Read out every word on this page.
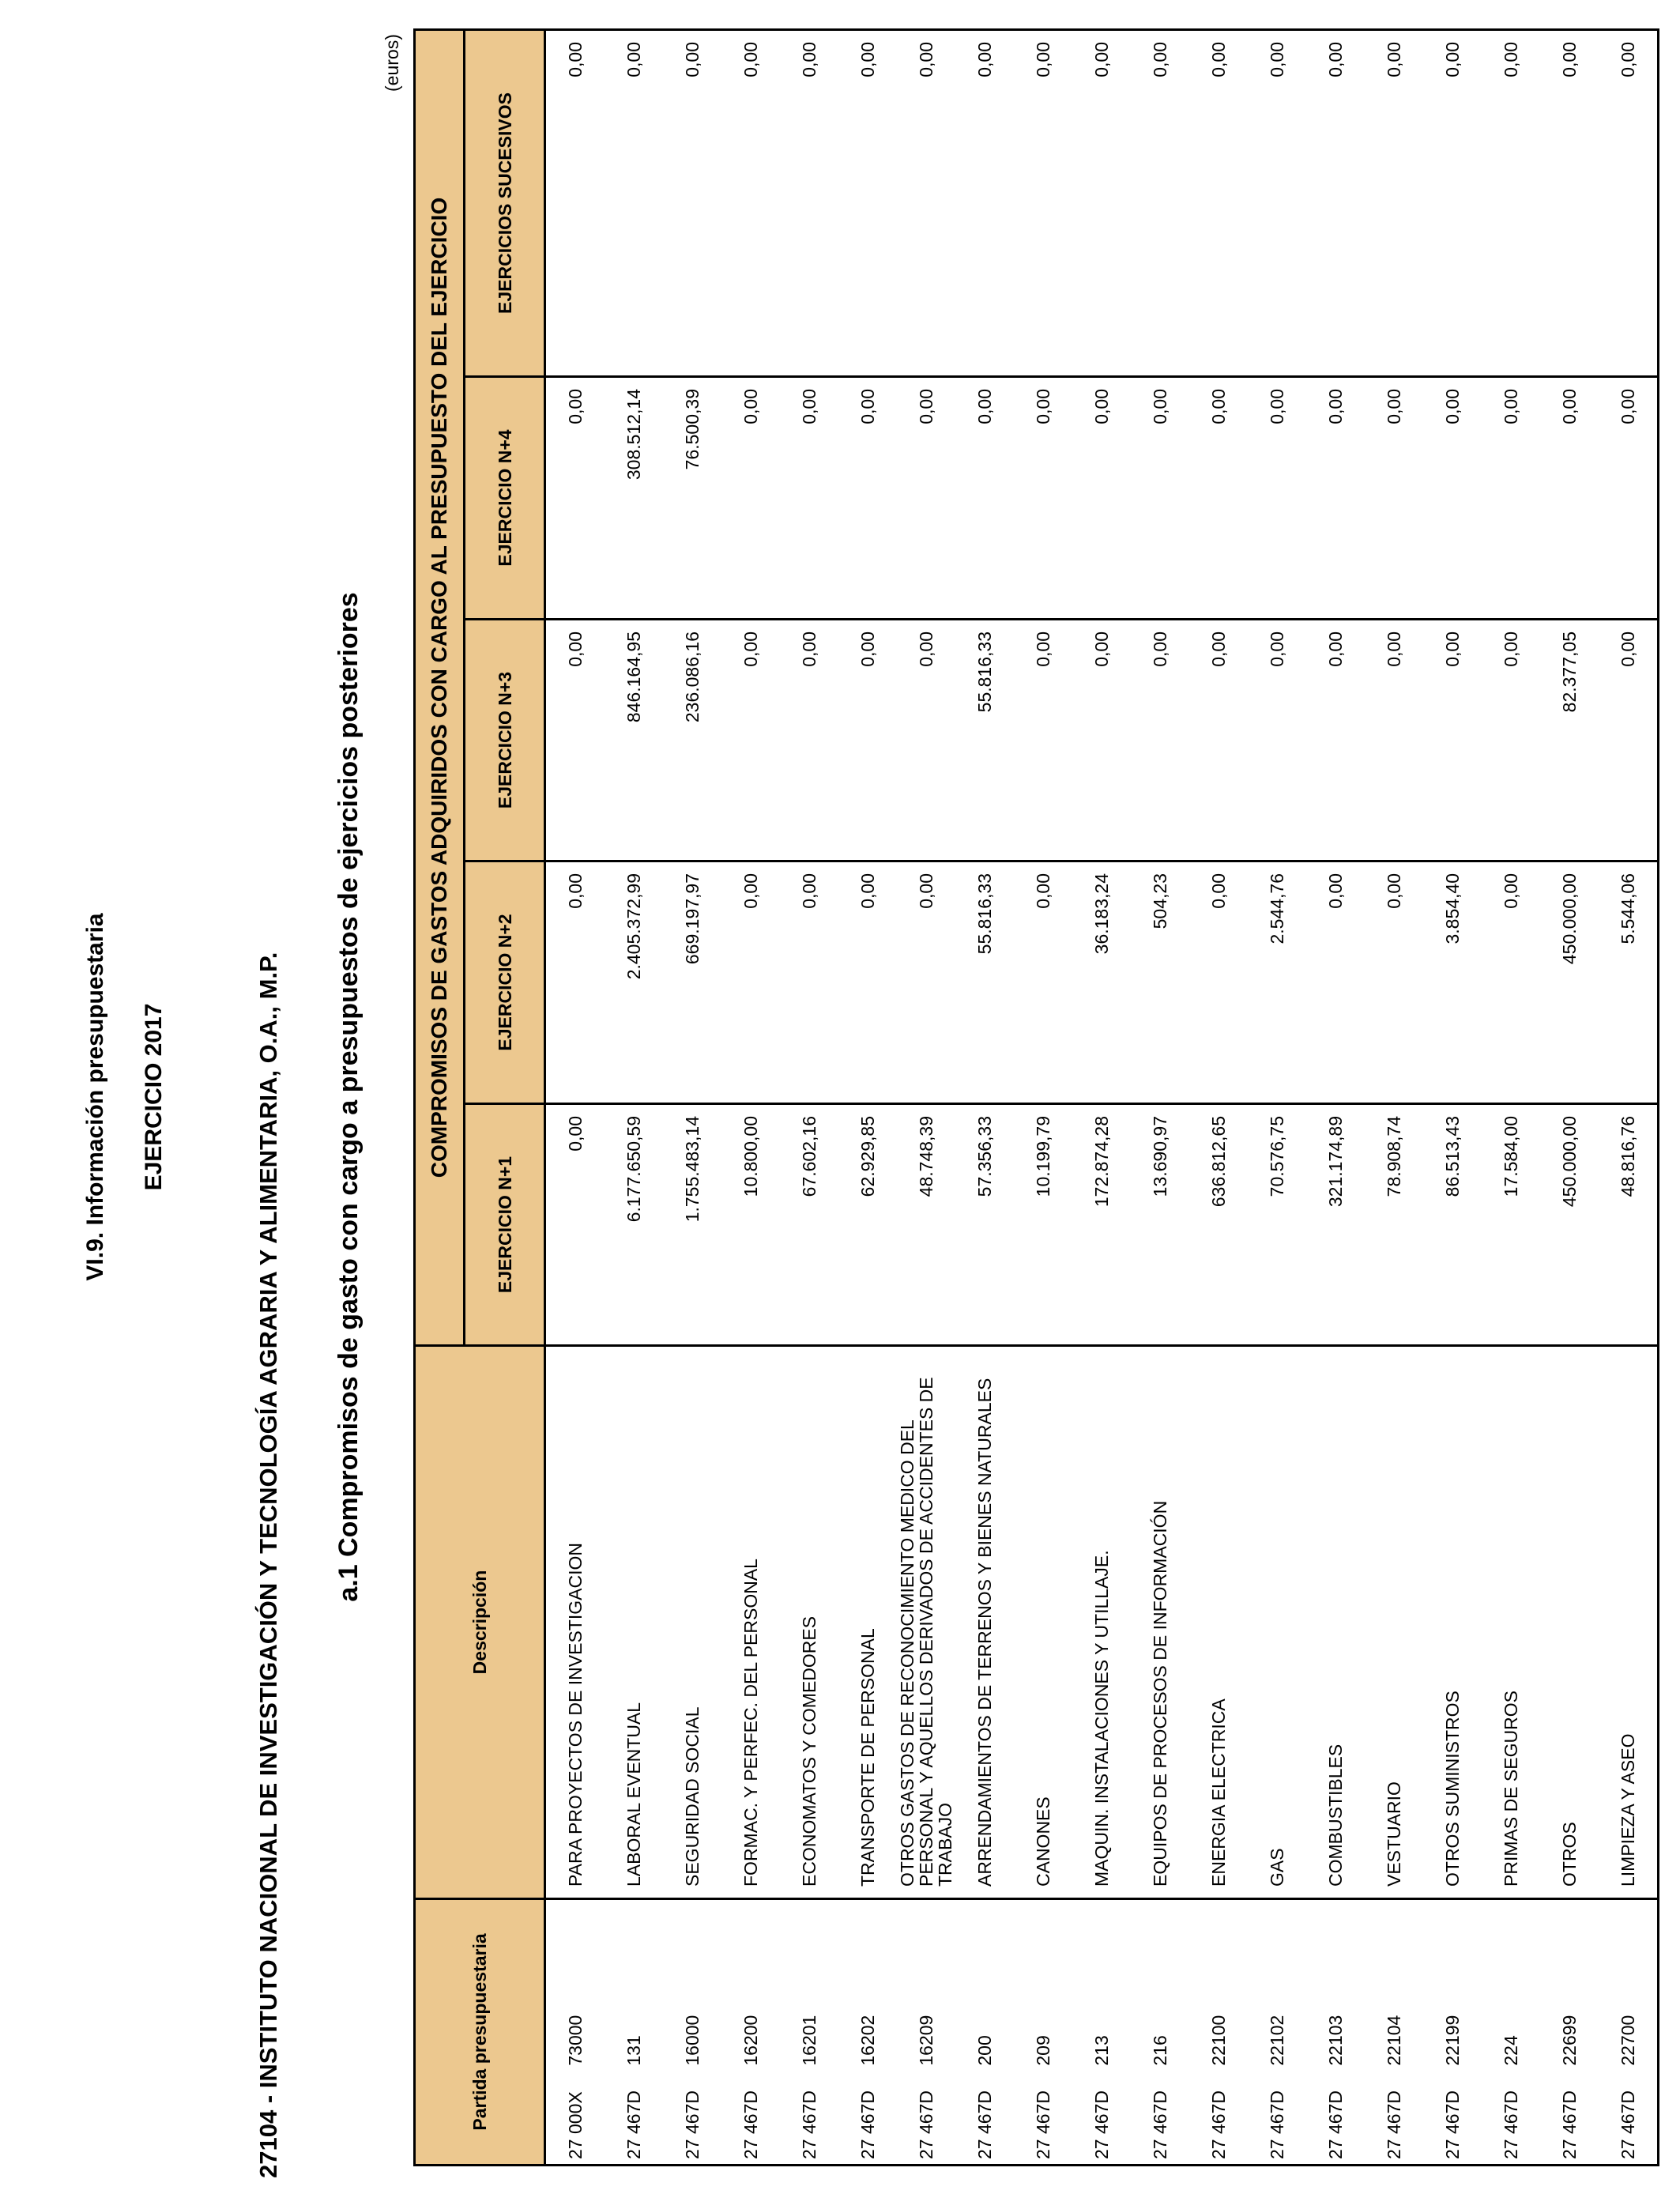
VI.9. Información presupuestaria EJERCICIO 2017	27104 - INSTITUTO NACIONAL DE INVESTIGACIÓN Y TECNOLOGÍA AGRARIA Y ALIMENTARIA, O.A., M.P. a.1 Compromisos de gasto con cargo a presupuestos de ejercicios posteriores
(euros)
Partida presupuestaria	Descripción	COMPROMISOS DE GASTOS ADQUIRIDOS CON CARGO AL PRESUPUESTO DEL EJERCICIO				
		EJERCICIO N+1	EJERCICIO N+2	EJERCICIO N+3	EJERCICIO N+4	EJERCICIOS SUCESIVOS
27 000X 73000	PARA PROYECTOS DE INVESTIGACION	0,00	0,00	0,00	0,00	0,00
27 467D 131	LABORAL EVENTUAL	6.177.650,59	2.405.372,99	846.164,95	308.512,14	0,00
27 467D 16000	SEGURIDAD SOCIAL	1.755.483,14	669.197,97	236.086,16	76.500,39	0,00
27 467D 16200	FORMAC. Y PERFEC. DEL PERSONAL	10.800,00	0,00	0,00	0,00	0,00
27 467D 16201	ECONOMATOS Y COMEDORES	67.602,16	0,00	0,00	0,00	0,00
27 467D 16202	TRANSPORTE DE PERSONAL	62.929,85	0,00	0,00	0,00	0,00
27 467D 16209	OTROS GASTOS DE RECONOCIMIENTO MEDICO DEL PERSONAL Y AQUELLOS DERIVADOS DE ACCIDENTES DE TRABAJO	48.748,39	0,00	0,00	0,00	0,00
27 467D 200	ARRENDAMIENTOS DE TERRENOS Y BIENES NATURALES	57.356,33	55.816,33	55.816,33	0,00	0,00
27 467D 209	CANONES	10.199,79	0,00	0,00	0,00	0,00
27 467D 213	MAQUIN. INSTALACIONES Y UTILLAJE.	172.874,28	36.183,24	0,00	0,00	0,00
27 467D 216	EQUIPOS DE PROCESOS DE INFORMACIÓN	13.690,97	504,23	0,00	0,00	0,00
27 467D 22100	ENERGIA ELECTRICA	636.812,65	0,00	0,00	0,00	0,00
27 467D 22102	GAS	70.576,75	2.544,76	0,00	0,00	0,00
27 467D 22103	COMBUSTIBLES	321.174,89	0,00	0,00	0,00	0,00
27 467D 22104	VESTUARIO	78.908,74	0,00	0,00	0,00	0,00
27 467D 22199	OTROS SUMINISTROS	86.513,43	3.854,40	0,00	0,00	0,00
27 467D 224	PRIMAS DE SEGUROS	17.584,00	0,00	0,00	0,00	0,00
27 467D 22699	OTROS	450.000,00	450.000,00	82.377,05	0,00	0,00
27 467D 22700	LIMPIEZA Y ASEO	48.816,76	5.544,06	0,00	0,00	0,00
